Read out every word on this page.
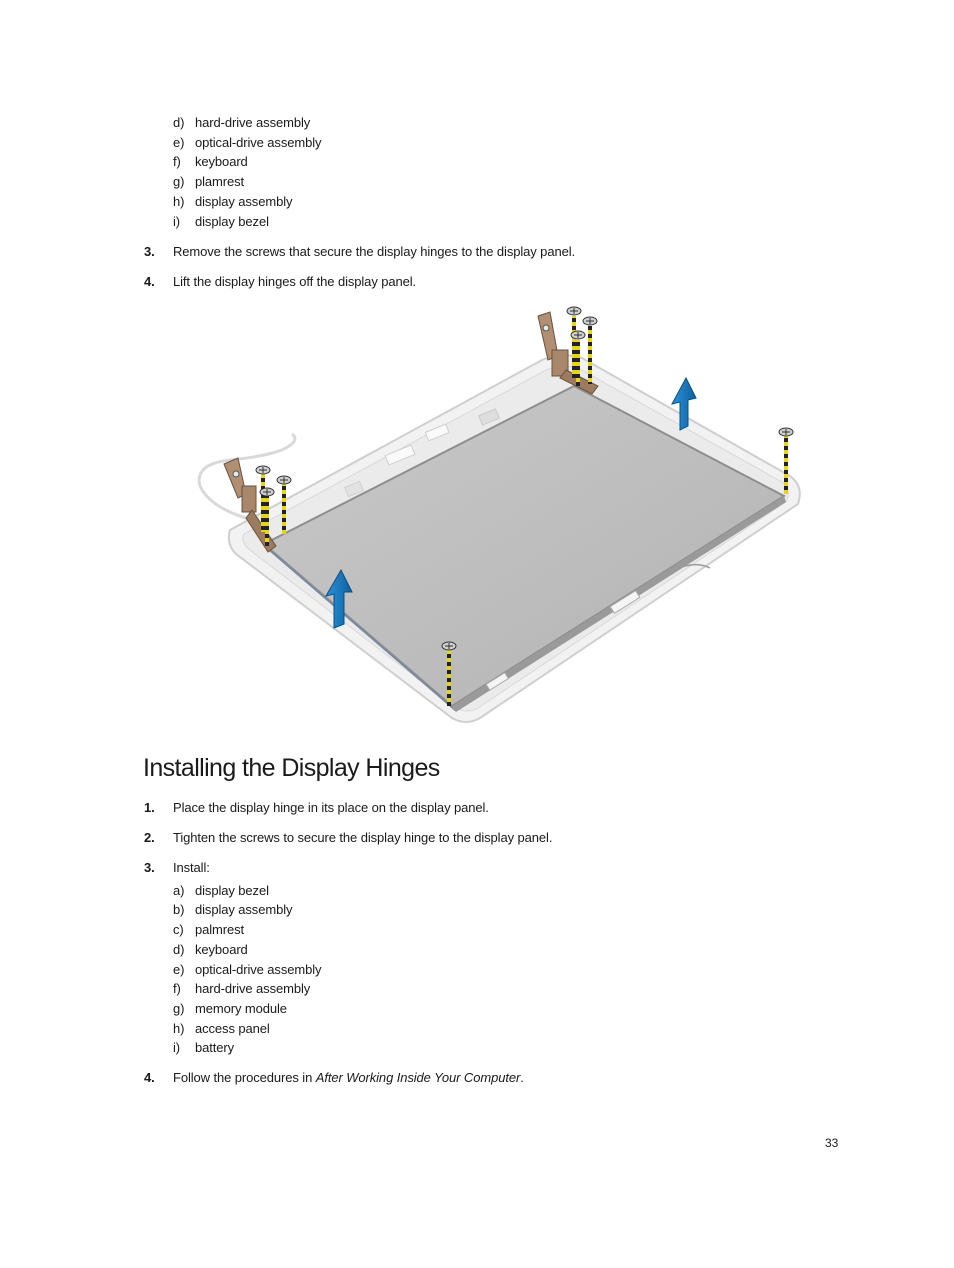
d) hard-drive assembly
e) optical-drive assembly
f) keyboard
g) plamrest
h) display assembly
i) display bezel
3. Remove the screws that secure the display hinges to the display panel.
4. Lift the display hinges off the display panel.
Installing the Display Hinges
1. Place the display hinge in its place on the display panel.
2. Tighten the screws to secure the display hinge to the display panel.
3. Install:
a) display bezel
b) display assembly
c) palmrest
d) keyboard
e) optical-drive assembly
f) hard-drive assembly
g) memory module
h) access panel
i) battery
4. Follow the procedures in After Working Inside Your Computer.
33
